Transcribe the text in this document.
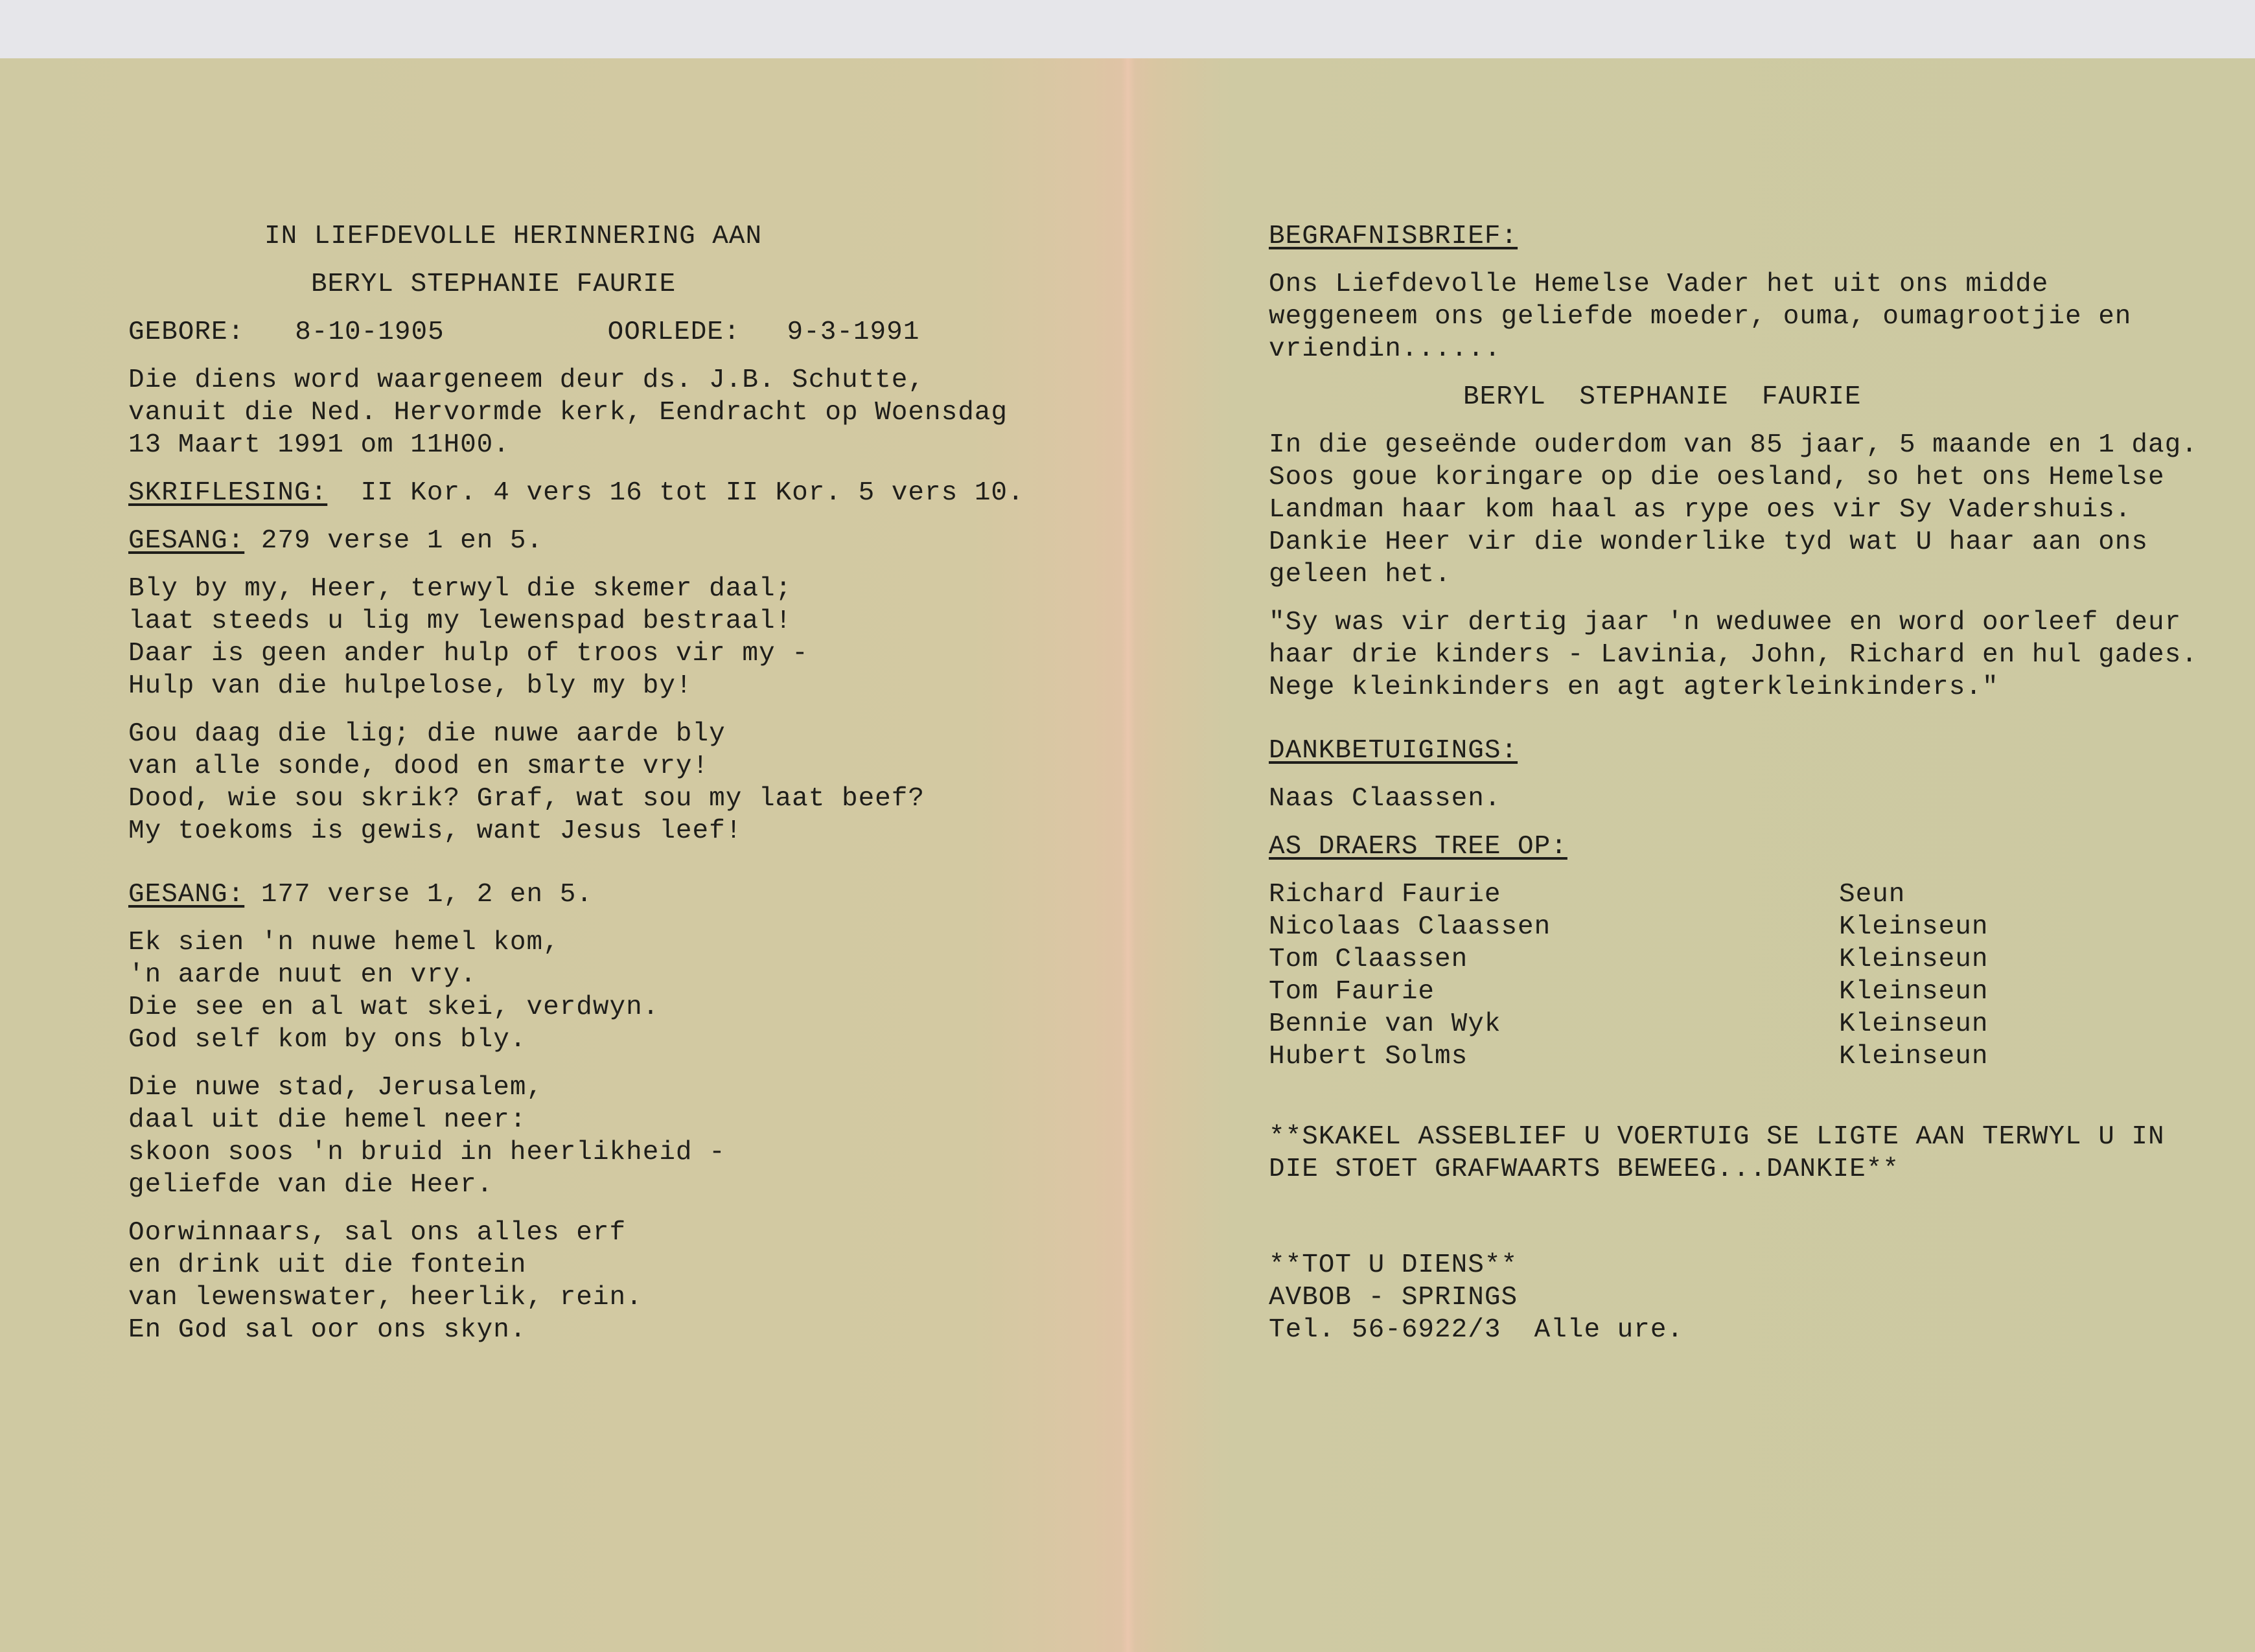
IN LIEFDEVOLLE HERINNERING AAN
BERYL STEPHANIE FAURIE
GEBORE: 8-10-1905	OORLEDE: 9-3-1991
Die diens word waargeneem deur ds. J.B. Schutte,
vanuit die Ned. Hervormde kerk, Eendracht op Woensdag
13 Maart 1991 om 11H00.
SKRIFLESING: II Kor. 4 vers 16 tot II Kor. 5 vers 10.
GESANG: 279 verse 1 en 5.
Bly by my, Heer, terwyl die skemer daal;
laat steeds u lig my lewenspad bestraal!
Daar is geen ander hulp of troos vir my -
Hulp van die hulpelose, bly my by!
Gou daag die lig; die nuwe aarde bly
van alle sonde, dood en smarte vry!
Dood, wie sou skrik? Graf, wat sou my laat beef?
My toekoms is gewis, want Jesus leef!
GESANG: 177 verse 1, 2 en 5.
Ek sien 'n nuwe hemel kom,
'n aarde nuut en vry.
Die see en al wat skei, verdwyn.
God self kom by ons bly.
Die nuwe stad, Jerusalem,
daal uit die hemel neer:
skoon soos 'n bruid in heerlikheid -
geliefde van die Heer.
Oorwinnaars, sal ons alles erf
en drink uit die fontein
van lewenswater, heerlik, rein.
En God sal oor ons skyn.
BEGRAFNISBRIEF:
Ons Liefdevolle Hemelse Vader het uit ons midde
weggeneem ons geliefde moeder, ouma, oumagrootjie en
vriendin......
BERYL  STEPHANIE  FAURIE
In die geseënde ouderdom van 85 jaar, 5 maande en 1 dag.
Soos goue koringare op die oesland, so het ons Hemelse
Landman haar kom haal as rype oes vir Sy Vadershuis.
Dankie Heer vir die wonderlike tyd wat U haar aan ons
geleen het.
"Sy was vir dertig jaar 'n weduwee en word oorleef deur
haar drie kinders - Lavinia, John, Richard en hul gades.
Nege kleinkinders en agt agterkleinkinders."
DANKBETUIGINGS:
Naas Claassen.
AS DRAERS TREE OP:
Richard Faurie	Seun
Nicolaas Claassen	Kleinseun
Tom Claassen	Kleinseun
Tom Faurie	Kleinseun
Bennie van Wyk	Kleinseun
Hubert Solms	Kleinseun
**SKAKEL ASSEBLIEF U VOERTUIG SE LIGTE AAN TERWYL U IN
DIE STOET GRAFWAARTS BEWEEG...DANKIE**
**TOT U DIENS**
AVBOB - SPRINGS
Tel. 56-6922/3  Alle ure.
